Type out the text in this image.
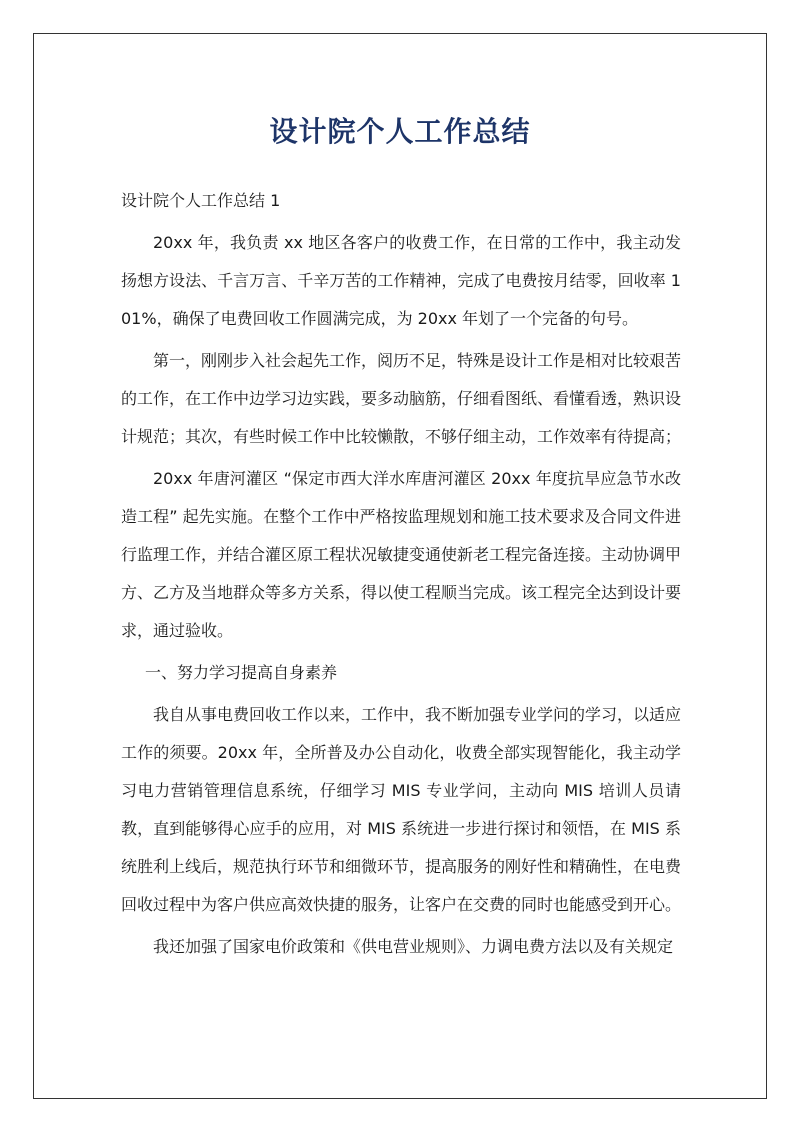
设计院个人工作总结

设计院个人工作总结 1

20xx 年，我负责 xx 地区各客户的收费工作，在日常的工作中，我主动发扬想方设法、千言万言、千辛万苦的工作精神，完成了电费按月结零，回收率 101%，确保了电费回收工作圆满完成，为 20xx 年划了一个完备的句号。

第一，刚刚步入社会起先工作，阅历不足，特殊是设计工作是相对比较艰苦的工作，在工作中边学习边实践，要多动脑筋，仔细看图纸、看懂看透，熟识设计规范；其次，有些时候工作中比较懒散，不够仔细主动，工作效率有待提高；

20xx 年唐河灌区 “保定市西大洋水库唐河灌区 20xx 年度抗旱应急节水改造工程” 起先实施。在整个工作中严格按监理规划和施工技术要求及合同文件进行监理工作，并结合灌区原工程状况敏捷变通使新老工程完备连接。主动协调甲方、乙方及当地群众等多方关系，得以使工程顺当完成。该工程完全达到设计要求，通过验收。

一、努力学习提高自身素养

我自从事电费回收工作以来，工作中，我不断加强专业学问的学习，以适应工作的须要。20xx 年，全所普及办公自动化，收费全部实现智能化，我主动学习电力营销管理信息系统，仔细学习 MIS 专业学问，主动向 MIS 培训人员请教，直到能够得心应手的应用，对 MIS 系统进一步进行探讨和领悟，在 MIS 系统胜利上线后，规范执行环节和细微环节，提高服务的刚好性和精确性，在电费回收过程中为客户供应高效快捷的服务，让客户在交费的同时也能感受到开心。

我还加强了国家电价政策和《供电营业规则》、力调电费方法以及有关规定
